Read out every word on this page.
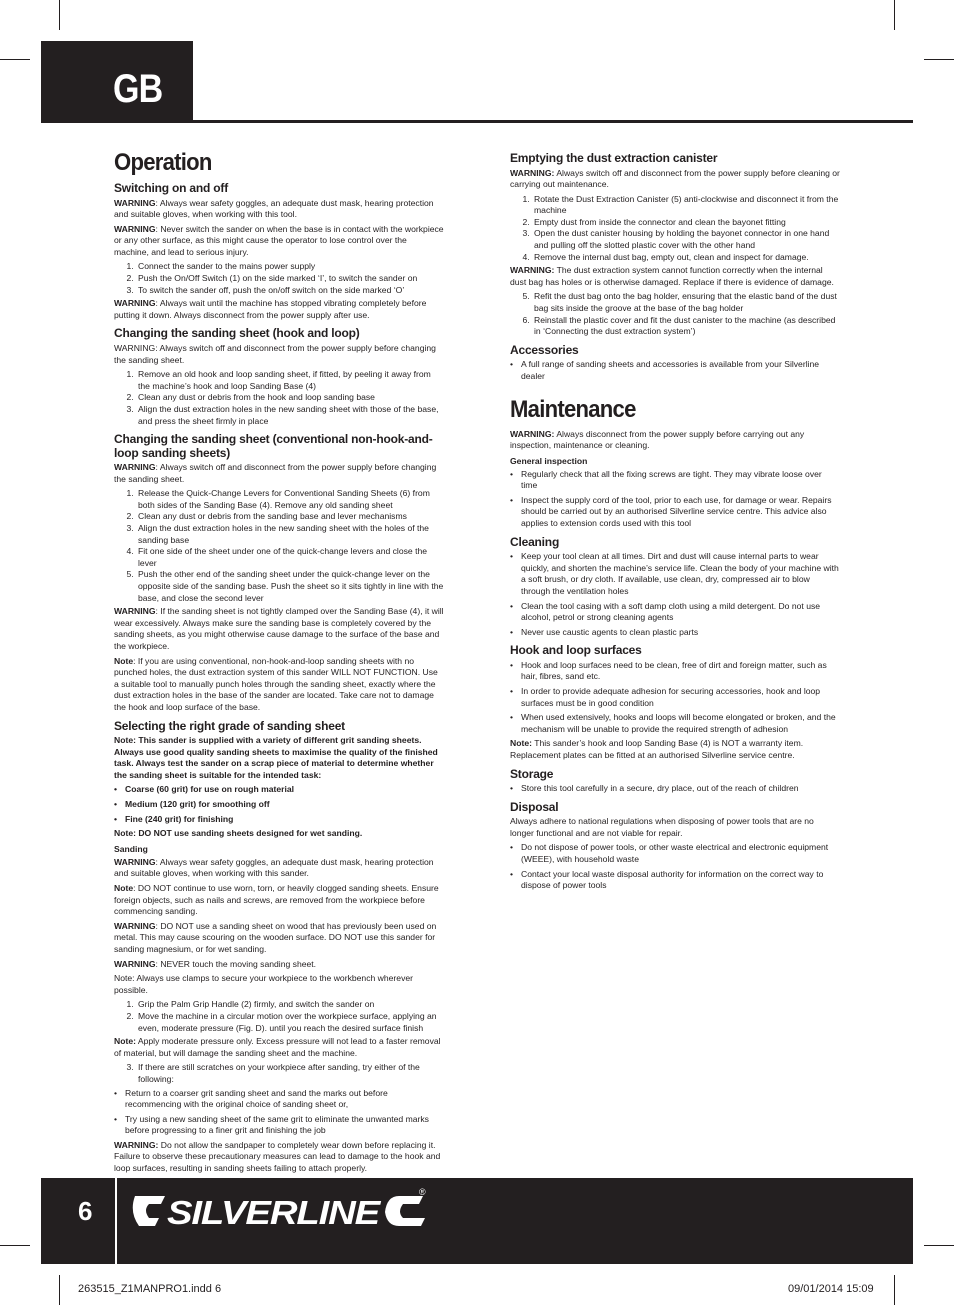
GB
Operation
Switching on and off

WARNING: Always wear safety goggles, an adequate dust mask, hearing protection and suitable gloves, when working with this tool.

WARNING: Never switch the sander on when the base is in contact with the workpiece or any other surface, as this might cause the operator to lose control over the machine, and lead to serious injury.

1. Connect the sander to the mains power supply
2. Push the On/Off Switch (1) on the side marked ‘I’, to switch the sander on
3. To switch the sander off, push the on/off switch on the side marked ‘O’

WARNING: Always wait until the machine has stopped vibrating completely before putting it down. Always disconnect from the power supply after use.

Changing the sanding sheet (hook and loop)

WARNING: Always switch off and disconnect from the power supply before changing the sanding sheet.

1. Remove an old hook and loop sanding sheet, if fitted, by peeling it away from the machine’s hook and loop Sanding Base (4)
2. Clean any dust or debris from the hook and loop sanding base
3. Align the dust extraction holes in the new sanding sheet with those of the base, and press the sheet firmly in place
Changing the sanding sheet (conventional non-hook-and-loop sanding sheets)

WARNING: Always switch off and disconnect from the power supply before changing the sanding sheet.

1. Release the Quick-Change Levers for Conventional Sanding Sheets (6) from both sides of the Sanding Base (4). Remove any old sanding sheet
2. Clean any dust or debris from the sanding base and lever mechanisms
3. Align the dust extraction holes in the new sanding sheet with the holes of the sanding base
4. Fit one side of the sheet under one of the quick-change levers and close the lever
5. Push the other end of the sanding sheet under the quick-change lever on the opposite side of the sanding base. Push the sheet so it sits tightly in line with the base, and close the second lever

WARNING: If the sanding sheet is not tightly clamped over the Sanding Base (4), it will wear excessively. Always make sure the sanding base is completely covered by the sanding sheets, as you might otherwise cause damage to the surface of the base and the workpiece.

Note: If you are using conventional, non-hook-and-loop sanding sheets with no punched holes, the dust extraction system of this sander WILL NOT FUNCTION. Use a suitable tool to manually punch holes through the sanding sheet, exactly where the dust extraction holes in the base of the sander are located. Take care not to damage the hook and loop surface of the base.

Selecting the right grade of sanding sheet

Note: This sander is supplied with a variety of different grit sanding sheets. Always use good quality sanding sheets to maximise the quality of the finished task. Always test the sander on a scrap piece of material to determine whether the sanding sheet is suitable for the intended task:

• Coarse (60 grit) for use on rough material
• Medium (120 grit) for smoothing off
• Fine (240 grit) for finishing

Note: DO NOT use sanding sheets designed for wet sanding.

Sanding

WARNING: Always wear safety goggles, an adequate dust mask, hearing protection and suitable gloves, when working with this sander.

Note: DO NOT continue to use worn, torn, or heavily clogged sanding sheets. Ensure foreign objects, such as nails and screws, are removed from the workpiece before commencing sanding.

WARNING: DO NOT use a sanding sheet on wood that has previously been used on metal. This may cause scouring on the wooden surface. DO NOT use this sander for sanding magnesium, or for wet sanding.

WARNING: NEVER touch the moving sanding sheet.

Note: Always use clamps to secure your workpiece to the workbench wherever possible.

1. Grip the Palm Grip Handle (2) firmly, and switch the sander on
2. Move the machine in a circular motion over the workpiece surface, applying an even, moderate pressure (Fig. D). until you reach the desired surface finish

Note: Apply moderate pressure only. Excess pressure will not lead to a faster removal of material, but will damage the sanding sheet and the machine.

3. If there are still scratches on your workpiece after sanding, try either of the following:
• Return to a coarser grit sanding sheet and sand the marks out before recommencing with the original choice of sanding sheet or,
• Try using a new sanding sheet of the same grit to eliminate the unwanted marks before progressing to a finer grit and finishing the job

WARNING: Do not allow the sandpaper to completely wear down before replacing it. Failure to observe these precautionary measures can lead to damage to the hook and loop surfaces, resulting in sanding sheets failing to attach properly.

Emptying the dust extraction canister

WARNING: Always switch off and disconnect from the power supply before cleaning or carrying out maintenance.

1. Rotate the Dust Extraction Canister (5) anti-clockwise and disconnect it from the machine
2. Empty dust from inside the connector and clean the bayonet fitting
3. Open the dust canister housing by holding the bayonet connector in one hand and pulling off the slotted plastic cover with the other hand
4. Remove the internal dust bag, empty out, clean and inspect for damage.

WARNING: The dust extraction system cannot function correctly when the internal dust bag has holes or is otherwise damaged. Replace if there is evidence of damage.

5. Refit the dust bag onto the bag holder, ensuring that the elastic band of the dust bag sits inside the groove at the base of the bag holder
6. Reinstall the plastic cover and fit the dust canister to the machine (as described in ‘Connecting the dust extraction system’)
Accessories
• A full range of sanding sheets and accessories is available from your Silverline dealer
Maintenance

WARNING: Always disconnect from the power supply before carrying out any inspection, maintenance or cleaning.

General inspection
• Regularly check that all the fixing screws are tight. They may vibrate loose over time
• Inspect the supply cord of the tool, prior to each use, for damage or wear. Repairs should be carried out by an authorised Silverline service centre. This advice also applies to extension cords used with this tool
Cleaning
• Keep your tool clean at all times. Dirt and dust will cause internal parts to wear quickly, and shorten the machine’s service life. Clean the body of your machine with a soft brush, or dry cloth. If available, use clean, dry, compressed air to blow through the ventilation holes
• Clean the tool casing with a soft damp cloth using a mild detergent. Do not use alcohol, petrol or strong cleaning agents
• Never use caustic agents to clean plastic parts
Hook and loop surfaces
• Hook and loop surfaces need to be clean, free of dirt and foreign matter, such as hair, fibres, sand etc.
• In order to provide adequate adhesion for securing accessories, hook and loop surfaces must be in good condition
• When used extensively, hooks and loops will become elongated or broken, and the mechanism will be unable to provide the required strength of adhesion

Note: This sander’s hook and loop Sanding Base (4) is NOT a warranty item. Replacement plates can be fitted at an authorised Silverline service centre.

Storage
• Store this tool carefully in a secure, dry place, out of the reach of children
Disposal

Always adhere to national regulations when disposing of power tools that are no longer functional and are not viable for repair.

• Do not dispose of power tools, or other waste electrical and electronic equipment (WEEE), with household waste
• Contact your local waste disposal authority for information on the correct way to dispose of power tools
6 SILVERLINE
®
263515_Z1MANPRO1.indd 6	09/01/2014 15:09
